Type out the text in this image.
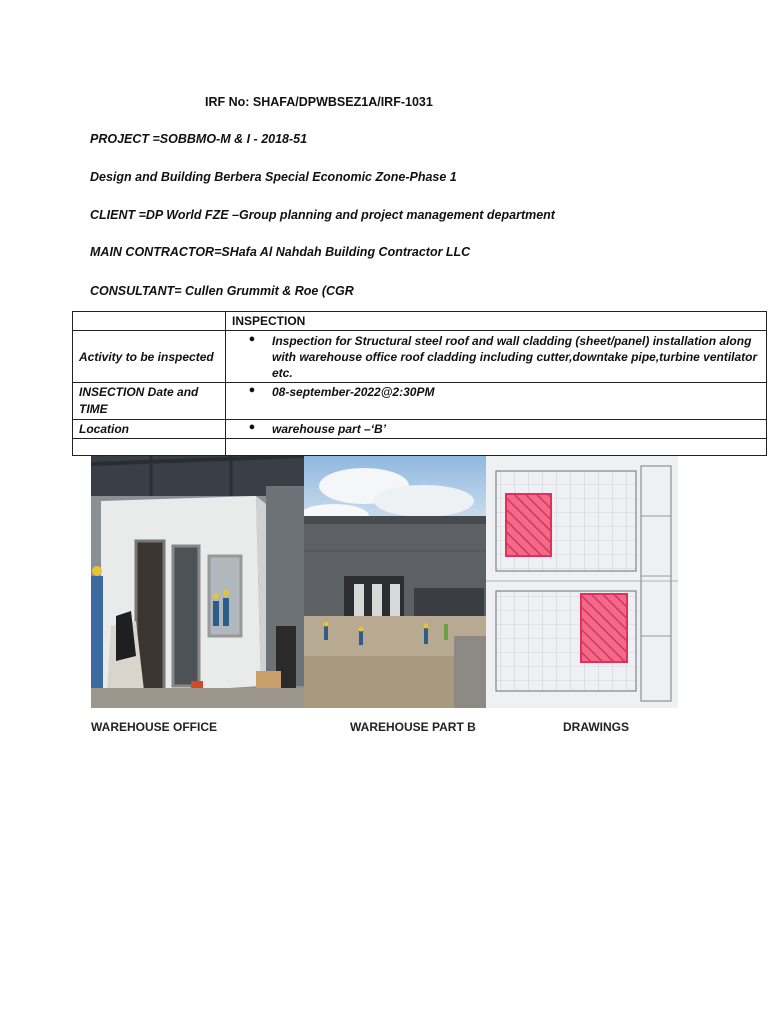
IRF No: SHAFA/DPWBSEZ1A/IRF-1031
PROJECT =SOBBMO-M & I - 2018-51
Design and Building Berbera Special Economic Zone-Phase 1
CLIENT =DP World FZE –Group planning and project management department
MAIN CONTRACTOR=SHafa Al Nahdah Building Contractor LLC
CONSULTANT= Cullen Grummit & Roe (CGR
	INSPECTION
Activity to be inspected	● Inspection for Structural steel roof and wall cladding (sheet/panel) installation along with warehouse office roof cladding including cutter,downtake pipe,turbine ventilator etc.

INSECTION Date and TIME	● 08-september-2022@2:30PM

Location	● warehouse part –‘B’

WAREHOUSE OFFICE	WAREHOUSE PART B	DRAWINGS
